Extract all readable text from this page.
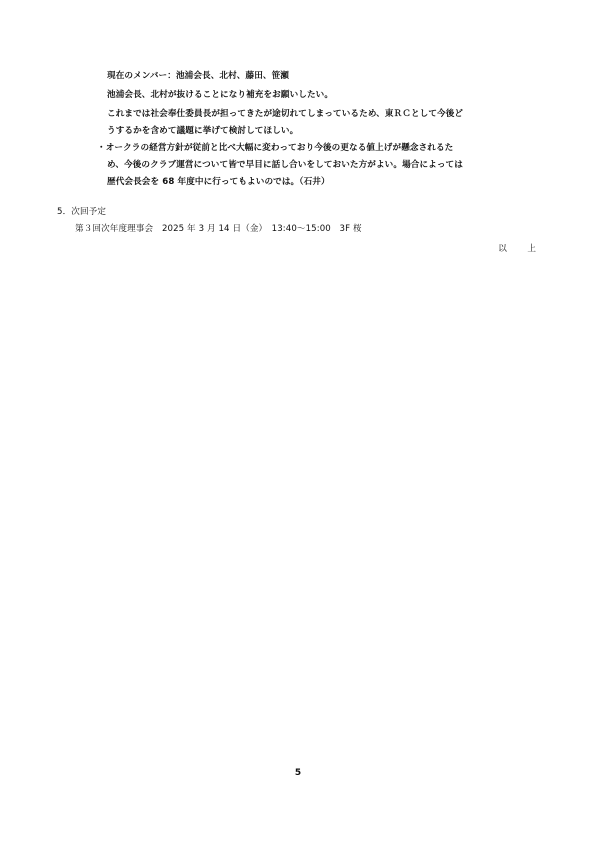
現在のメンバー：池浦会長、北村、藤田、笹瀬
池浦会長、北村が抜けることになり補充をお願いしたい。
これまでは社会奉仕委員長が担ってきたが途切れてしまっているため、東ＲＣとして今後ど
うするかを含めて議題に挙げて検討してほしい。
・オークラの経営方針が従前と比べ大幅に変わっており今後の更なる値上げが懸念されるた
め、今後のクラブ運営について皆で早目に話し合いをしておいた方がよい。場合によっては
歴代会長会を 68 年度中に行ってもよいのでは。（石井）
5．次回予定
第３回次年度理事会　2025 年 3 月 14 日（金）　13:40～15:00　3F 桜
以　上
5
